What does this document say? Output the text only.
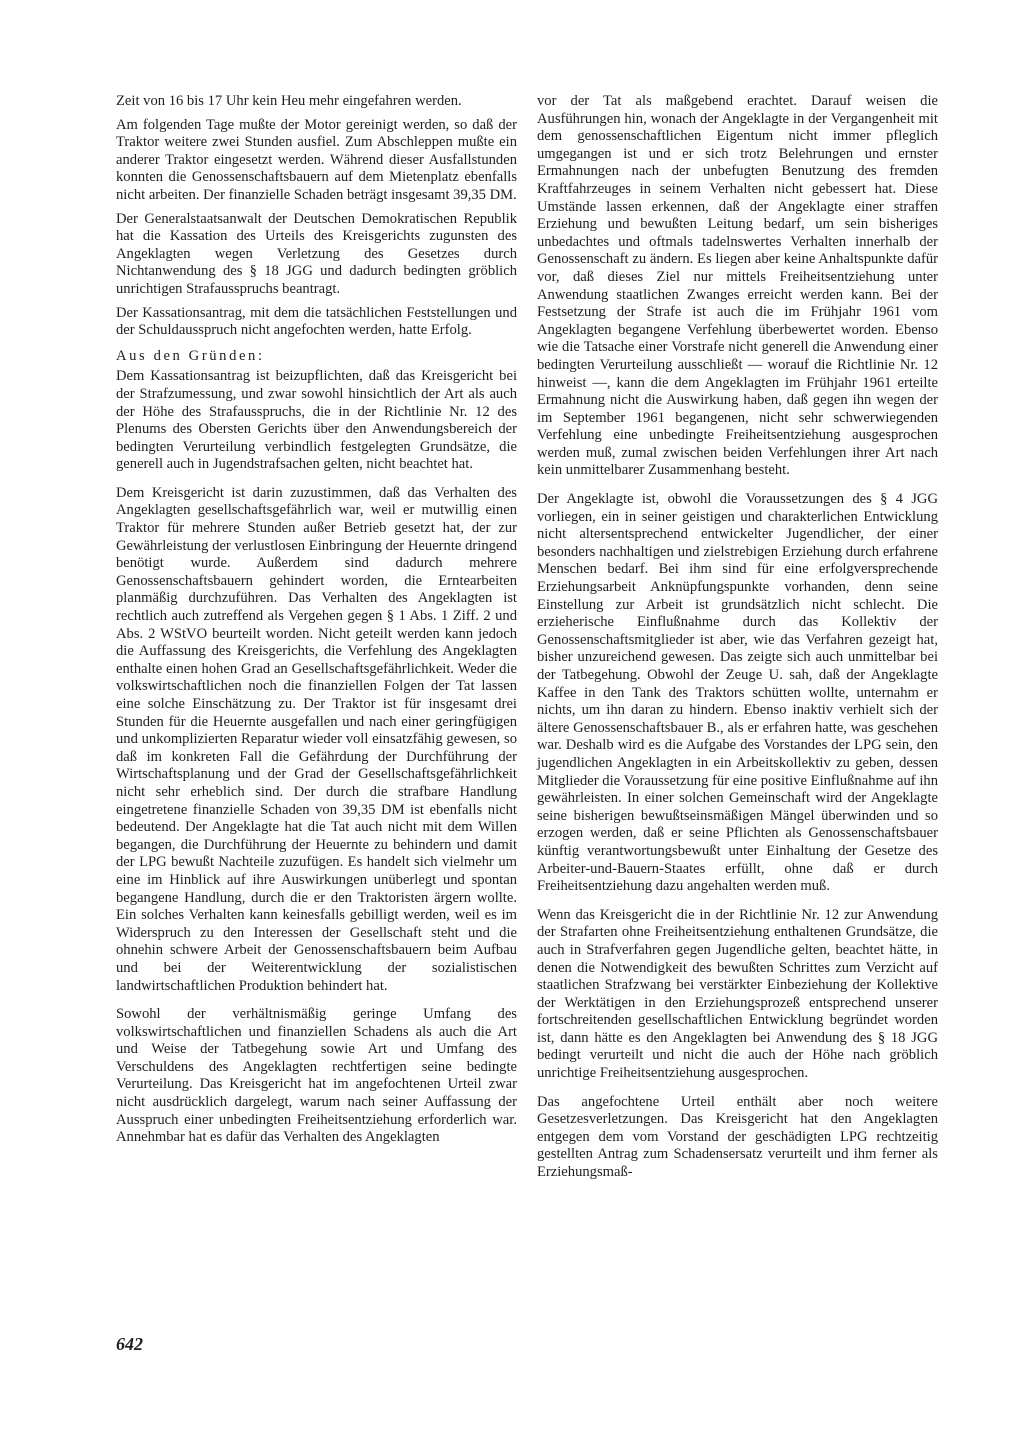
Zeit von 16 bis 17 Uhr kein Heu mehr eingefahren werden.

Am folgenden Tage mußte der Motor gereinigt werden, so daß der Traktor weitere zwei Stunden ausfiel. Zum Abschleppen mußte ein anderer Traktor eingesetzt werden. Während dieser Ausfallstunden konnten die Genossenschaftsbauern auf dem Mietenplatz ebenfalls nicht arbeiten. Der finanzielle Schaden beträgt insgesamt 39,35 DM.

Der Generalstaatsanwalt der Deutschen Demokratischen Republik hat die Kassation des Urteils des Kreisgerichts zugunsten des Angeklagten wegen Verletzung des Gesetzes durch Nichtanwendung des § 18 JGG und dadurch bedingten gröblich unrichtigen Strafausspruchs beantragt.

Der Kassationsantrag, mit dem die tatsächlichen Feststellungen und der Schuldausspruch nicht angefochten werden, hatte Erfolg.

Aus den Gründen:

Dem Kassationsantrag ist beizupflichten, daß das Kreisgericht bei der Strafzumessung, und zwar sowohl hinsichtlich der Art als auch der Höhe des Strafausspruchs, die in der Richtlinie Nr. 12 des Plenums des Obersten Gerichts über den Anwendungsbereich der bedingten Verurteilung verbindlich festgelegten Grundsätze, die generell auch in Jugendstrafsachen gelten, nicht beachtet hat.

Dem Kreisgericht ist darin zuzustimmen, daß das Verhalten des Angeklagten gesellschaftsgefährlich war, weil er mutwillig einen Traktor für mehrere Stunden außer Betrieb gesetzt hat, der zur Gewährleistung der verlustlosen Einbringung der Heuernte dringend benötigt wurde. Außerdem sind dadurch mehrere Genossenschaftsbauern gehindert worden, die Erntearbeiten planmäßig durchzuführen. Das Verhalten des Angeklagten ist rechtlich auch zutreffend als Vergehen gegen § 1 Abs. 1 Ziff. 2 und Abs. 2 WStVO beurteilt worden. Nicht geteilt werden kann jedoch die Auffassung des Kreisgerichts, die Verfehlung des Angeklagten enthalte einen hohen Grad an Gesellschaftsgefährlichkeit. Weder die volkswirtschaftlichen noch die finanziellen Folgen der Tat lassen eine solche Einschätzung zu. Der Traktor ist für insgesamt drei Stunden für die Heuernte ausgefallen und nach einer geringfügigen und unkomplizierten Reparatur wieder voll einsatzfähig gewesen, so daß im konkreten Fall die Gefährdung der Durchführung der Wirtschaftsplanung und der Grad der Gesellschaftsgefährlichkeit nicht sehr erheblich sind. Der durch die strafbare Handlung eingetretene finanzielle Schaden von 39,35 DM ist ebenfalls nicht bedeutend. Der Angeklagte hat die Tat auch nicht mit dem Willen begangen, die Durchführung der Heuernte zu behindern und damit der LPG bewußt Nachteile zuzufügen. Es handelt sich vielmehr um eine im Hinblick auf ihre Auswirkungen unüberlegt und spontan begangene Handlung, durch die er den Traktoristen ärgern wollte. Ein solches Verhalten kann keinesfalls gebilligt werden, weil es im Widerspruch zu den Interessen der Gesellschaft steht und die ohnehin schwere Arbeit der Genossenschaftsbauern beim Aufbau und bei der Weiterentwicklung der sozialistischen landwirtschaftlichen Produktion behindert hat.

Sowohl der verhältnismäßig geringe Umfang des volkswirtschaftlichen und finanziellen Schadens als auch die Art und Weise der Tatbegehung sowie Art und Umfang des Verschuldens des Angeklagten rechtfertigen seine bedingte Verurteilung. Das Kreisgericht hat im angefochtenen Urteil zwar nicht ausdrücklich dargelegt, warum nach seiner Auffassung der Ausspruch einer unbedingten Freiheitsentziehung erforderlich war. Annehmbar hat es dafür das Verhalten des Angeklagten

vor der Tat als maßgebend erachtet. Darauf weisen die Ausführungen hin, wonach der Angeklagte in der Vergangenheit mit dem genossenschaftlichen Eigentum nicht immer pfleglich umgegangen ist und er sich trotz Belehrungen und ernster Ermahnungen nach der unbefugten Benutzung des fremden Kraftfahrzeuges in seinem Verhalten nicht gebessert hat. Diese Umstände lassen erkennen, daß der Angeklagte einer straffen Erziehung und bewußten Leitung bedarf, um sein bisheriges unbedachtes und oftmals tadelnswertes Verhalten innerhalb der Genossenschaft zu ändern. Es liegen aber keine Anhaltspunkte dafür vor, daß dieses Ziel nur mittels Freiheitsentziehung unter Anwendung staatlichen Zwanges erreicht werden kann. Bei der Festsetzung der Strafe ist auch die im Frühjahr 1961 vom Angeklagten begangene Verfehlung überbewertet worden. Ebenso wie die Tatsache einer Vorstrafe nicht generell die Anwendung einer bedingten Verurteilung ausschließt — worauf die Richtlinie Nr. 12 hinweist —, kann die dem Angeklagten im Frühjahr 1961 erteilte Ermahnung nicht die Auswirkung haben, daß gegen ihn wegen der im September 1961 begangenen, nicht sehr schwerwiegenden Verfehlung eine unbedingte Freiheitsentziehung ausgesprochen werden muß, zumal zwischen beiden Verfehlungen ihrer Art nach kein unmittelbarer Zusammenhang besteht.

Der Angeklagte ist, obwohl die Voraussetzungen des § 4 JGG vorliegen, ein in seiner geistigen und charakterlichen Entwicklung nicht altersentsprechend entwickelter Jugendlicher, der einer besonders nachhaltigen und zielstrebigen Erziehung durch erfahrene Menschen bedarf. Bei ihm sind für eine erfolgversprechende Erziehungsarbeit Anknüpfungspunkte vorhanden, denn seine Einstellung zur Arbeit ist grundsätzlich nicht schlecht. Die erzieherische Einflußnahme durch das Kollektiv der Genossenschaftsmitglieder ist aber, wie das Verfahren gezeigt hat, bisher unzureichend gewesen. Das zeigte sich auch unmittelbar bei der Tatbegehung. Obwohl der Zeuge U. sah, daß der Angeklagte Kaffee in den Tank des Traktors schütten wollte, unternahm er nichts, um ihn daran zu hindern. Ebenso inaktiv verhielt sich der ältere Genossenschaftsbauer B., als er erfahren hatte, was geschehen war. Deshalb wird es die Aufgabe des Vorstandes der LPG sein, den jugendlichen Angeklagten in ein Arbeitskollektiv zu geben, dessen Mitglieder die Voraussetzung für eine positive Einflußnahme auf ihn gewährleisten. In einer solchen Gemeinschaft wird der Angeklagte seine bisherigen bewußtseinsmäßigen Mängel überwinden und so erzogen werden, daß er seine Pflichten als Genossenschaftsbauer künftig verantwortungsbewußt unter Einhaltung der Gesetze des Arbeiter-und-Bauern-Staates erfüllt, ohne daß er durch Freiheitsentziehung dazu angehalten werden muß.

Wenn das Kreisgericht die in der Richtlinie Nr. 12 zur Anwendung der Strafarten ohne Freiheitsentziehung enthaltenen Grundsätze, die auch in Strafverfahren gegen Jugendliche gelten, beachtet hätte, in denen die Notwendigkeit des bewußten Schrittes zum Verzicht auf staatlichen Strafzwang bei verstärkter Einbeziehung der Kollektive der Werktätigen in den Erziehungsprozeß entsprechend unserer fortschreitenden gesellschaftlichen Entwicklung begründet worden ist, dann hätte es den Angeklagten bei Anwendung des § 18 JGG bedingt verurteilt und nicht die auch der Höhe nach gröblich unrichtige Freiheitsentziehung ausgesprochen.

Das angefochtene Urteil enthält aber noch weitere Gesetzesverletzungen. Das Kreisgericht hat den Angeklagten entgegen dem vom Vorstand der geschädigten LPG rechtzeitig gestellten Antrag zum Schadensersatz verurteilt und ihm ferner als Erziehungsmaß-

642
